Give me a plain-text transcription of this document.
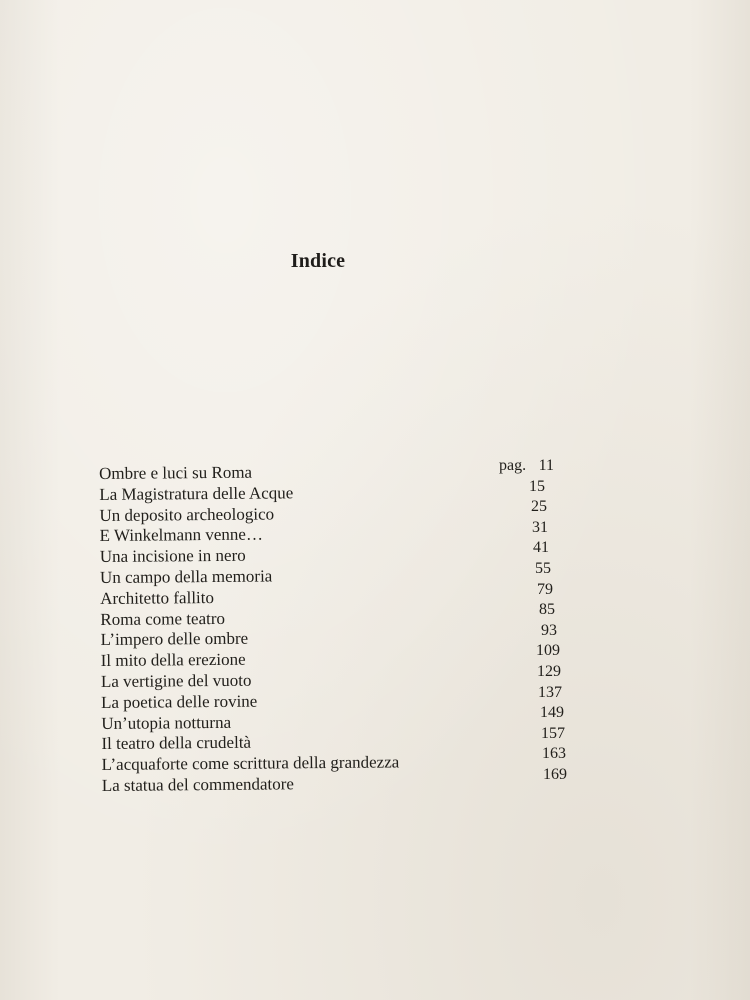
Indice
Ombre e luci su Roma
La Magistratura delle Acque
Un deposito archeologico
E Winkelmann venne…
Una incisione in nero
Un campo della memoria
Architetto fallito
Roma come teatro
L’impero delle ombre
Il mito della erezione
La vertigine del vuoto
La poetica delle rovine
Un’utopia notturna
Il teatro della crudeltà
L’acquaforte come scrittura della grandezza
La statua del commendatore
pag. 11
15
25
31
41
55
79
85
93
109
129
137
149
157
163
169
